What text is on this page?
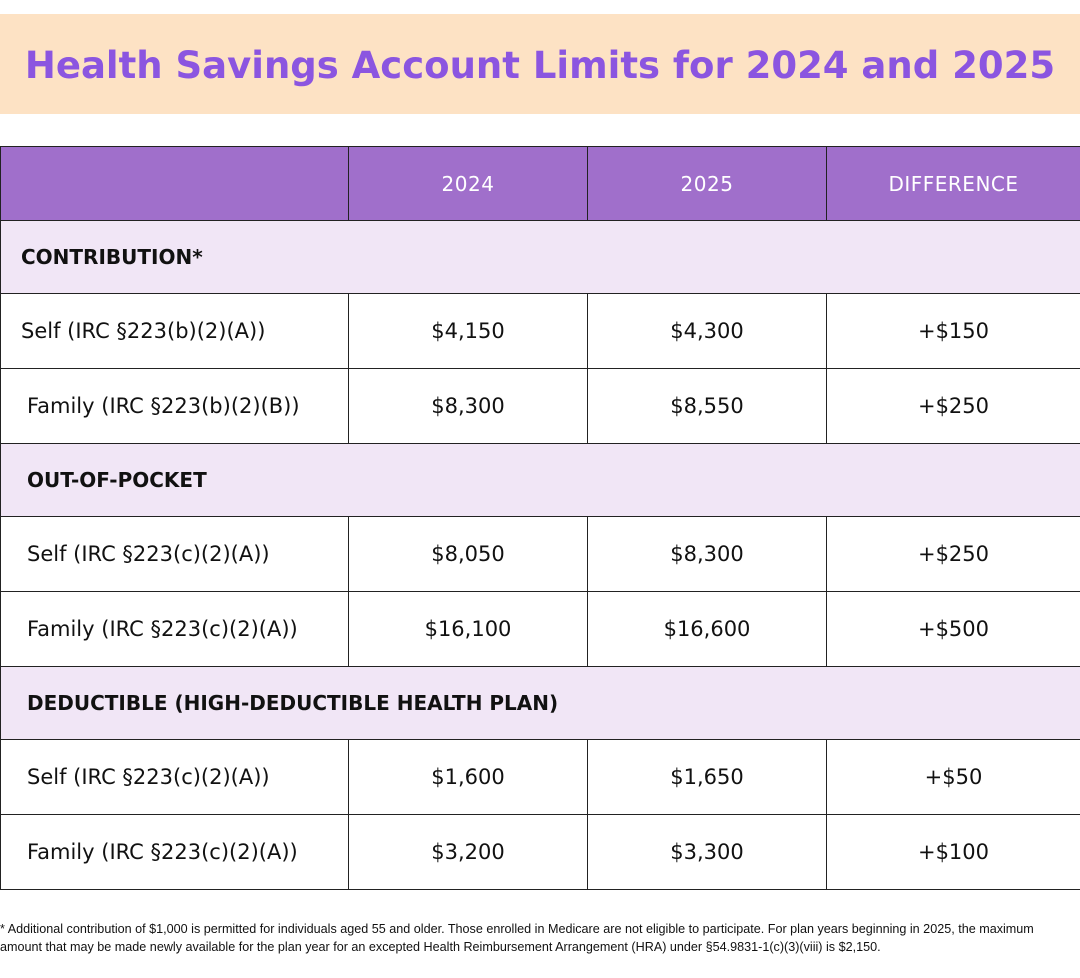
Health Savings Account Limits for 2024 and 2025
	2024	2025	DIFFERENCE
CONTRIBUTION*			
Self (IRC §223(b)(2)(A))	$4,150	$4,300	+$150
Family (IRC §223(b)(2)(B))	$8,300	$8,550	+$250
OUT-OF-POCKET			
Self (IRC §223(c)(2)(A))	$8,050	$8,300	+$250
Family (IRC §223(c)(2)(A))	$16,100	$16,600	+$500
DEDUCTIBLE (HIGH-DEDUCTIBLE HEALTH PLAN)			
Self (IRC §223(c)(2)(A))	$1,600	$1,650	+$50
Family (IRC §223(c)(2)(A))	$3,200	$3,300	+$100
* Additional contribution of $1,000 is permitted for individuals aged 55 and older. Those enrolled in Medicare are not eligible to participate. For plan years beginning in 2025, the maximum amount that may be made newly available for the plan year for an excepted Health Reimbursement Arrangement (HRA) under §54.9831-1(c)(3)(viii) is $2,150.
